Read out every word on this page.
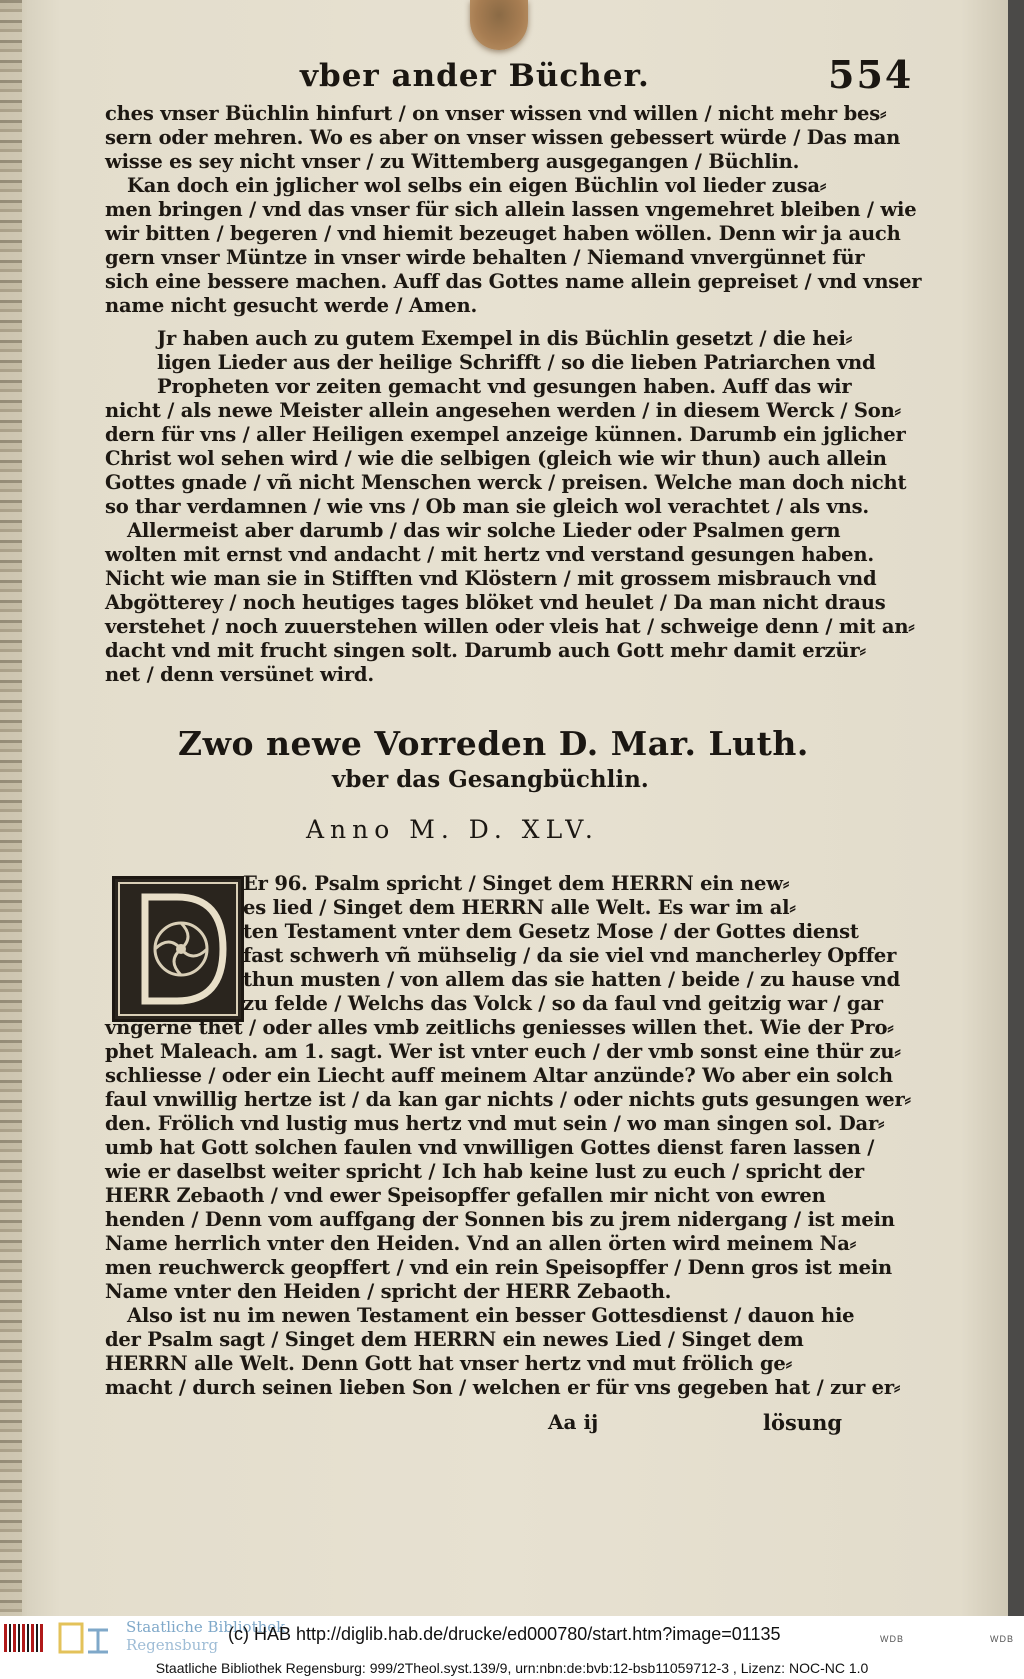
vber ander Bücher.	554
ches vnser Büchlin hinfurt / on vnser wissen vnd willen / nicht mehr bes⸗
sern oder mehren. Wo es aber on vnser wissen gebessert würde / Das man
wisse es sey nicht vnser / zu Wittemberg ausgegangen / Büchlin.
Kan doch ein jglicher wol selbs ein eigen Büchlin vol lieder zusa⸗
men bringen / vnd das vnser für sich allein lassen vngemehret bleiben / wie
wir bitten / begeren / vnd hiemit bezeuget haben wöllen. Denn wir ja auch
gern vnser Müntze in vnser wirde behalten / Niemand vnvergünnet für
sich eine bessere machen. Auff das Gottes name allein gepreiset / vnd vnser
name nicht gesucht werde / Amen.
Jr haben auch zu gutem Exempel in dis Büchlin gesetzt / die hei⸗
ligen Lieder aus der heilige Schrifft / so die lieben Patriarchen vnd
Propheten vor zeiten gemacht vnd gesungen haben. Auff das wir
nicht / als newe Meister allein angesehen werden / in diesem Werck / Son⸗
dern für vns / aller Heiligen exempel anzeige künnen. Darumb ein jglicher
Christ wol sehen wird / wie die selbigen (gleich wie wir thun) auch allein
Gottes gnade / vñ nicht Menschen werck / preisen. Welche man doch nicht
so thar verdamnen / wie vns / Ob man sie gleich wol verachtet / als vns.
Allermeist aber darumb / das wir solche Lieder oder Psalmen gern
wolten mit ernst vnd andacht / mit hertz vnd verstand gesungen haben.
Nicht wie man sie in Stifften vnd Klöstern / mit grossem misbrauch vnd
Abgötterey / noch heutiges tages blöket vnd heulet / Da man nicht draus
verstehet / noch zuuerstehen willen oder vleis hat / schweige denn / mit an⸗
dacht vnd mit frucht singen solt. Darumb auch Gott mehr damit erzür⸗
net / denn versünet wird.
Zwo newe Vorreden D. Mar. Luth.
vber das Gesangbüchlin.
Anno M. D. XLV.
Er 96. Psalm spricht / Singet dem HERRN ein new⸗
es lied / Singet dem HERRN alle Welt. Es war im al⸗
ten Testament vnter dem Gesetz Mose / der Gottes dienst
fast schwerh vñ mühselig / da sie viel vnd mancherley Opffer
thun musten / von allem das sie hatten / beide / zu hause vnd
zu felde / Welchs das Volck / so da faul vnd geitzig war / gar
vngerne thet / oder alles vmb zeitlichs geniesses willen thet. Wie der Pro⸗
phet Maleach. am 1. sagt. Wer ist vnter euch / der vmb sonst eine thür zu⸗
schliesse / oder ein Liecht auff meinem Altar anzünde? Wo aber ein solch
faul vnwillig hertze ist / da kan gar nichts / oder nichts guts gesungen wer⸗
den. Frölich vnd lustig mus hertz vnd mut sein / wo man singen sol. Dar⸗
umb hat Gott solchen faulen vnd vnwilligen Gottes dienst faren lassen /
wie er daselbst weiter spricht / Ich hab keine lust zu euch / spricht der
HERR Zebaoth / vnd ewer Speisopffer gefallen mir nicht von ewren
henden / Denn vom auffgang der Sonnen bis zu jrem nidergang / ist mein
Name herrlich vnter den Heiden. Vnd an allen örten wird meinem Na⸗
men reuchwerck geopffert / vnd ein rein Speisopffer / Denn gros ist mein
Name vnter den Heiden / spricht der HERR Zebaoth.
Also ist nu im newen Testament ein besser Gottesdienst / dauon hie
der Psalm sagt / Singet dem HERRN ein newes Lied / Singet dem
HERRN alle Welt. Denn Gott hat vnser hertz vnd mut frölich ge⸗
macht / durch seinen lieben Son / welchen er für vns gegeben hat / zur er⸗
Aa ij	lösung
Staatliche Bibliothek
Regensburg
(c) HAB http://diglib.hab.de/drucke/ed000780/start.htm?image=01135	WDB	WDB
Staatliche Bibliothek Regensburg: 999/2Theol.syst.139/9, urn:nbn:de:bvb:12-bsb11059712-3 , Lizenz: NOC-NC 1.0
